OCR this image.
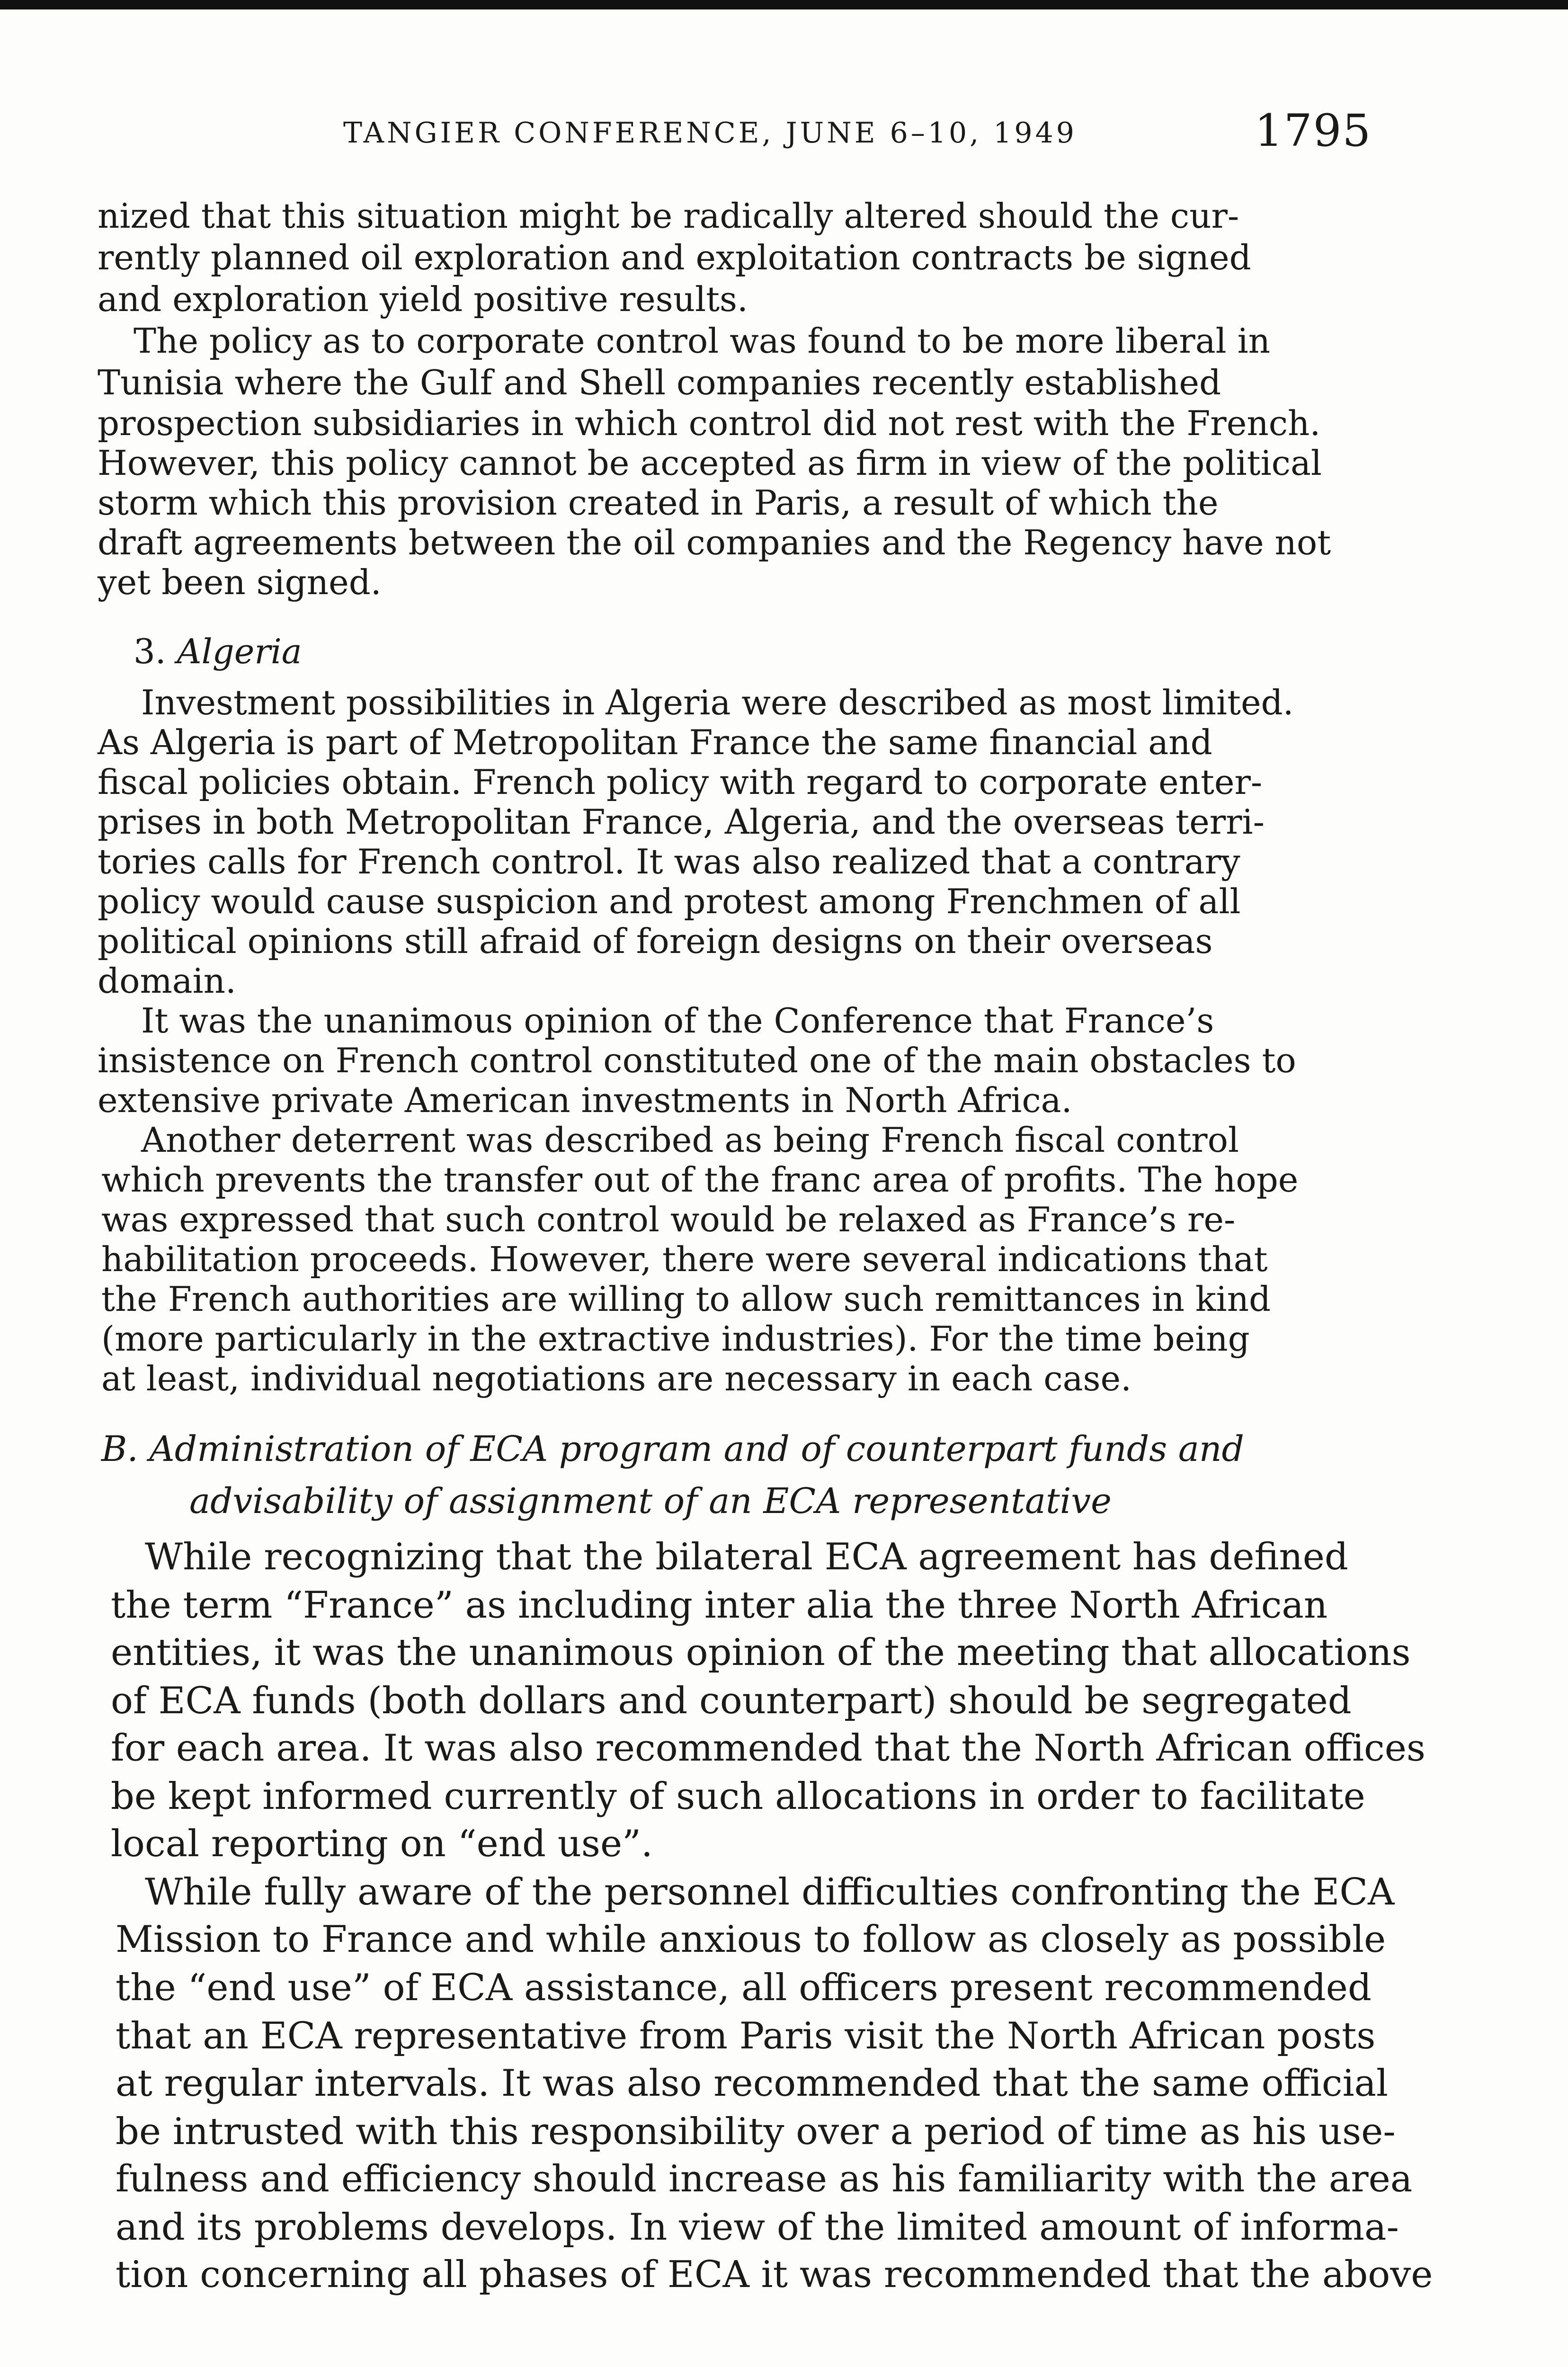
TANGIER CONFERENCE, JUNE 6–10, 1949	1795
nized that this situation might be radically altered should the cur-
rently planned oil exploration and exploitation contracts be signed
and exploration yield positive results.
The policy as to corporate control was found to be more liberal in
Tunisia where the Gulf and Shell companies recently established
prospection subsidiaries in which control did not rest with the French.
However, this policy cannot be accepted as firm in view of the political
storm which this provision created in Paris, a result of which the
draft agreements between the oil companies and the Regency have not
yet been signed.
3. Algeria
Investment possibilities in Algeria were described as most limited.
As Algeria is part of Metropolitan France the same financial and
fiscal policies obtain. French policy with regard to corporate enter-
prises in both Metropolitan France, Algeria, and the overseas terri-
tories calls for French control. It was also realized that a contrary
policy would cause suspicion and protest among Frenchmen of all
political opinions still afraid of foreign designs on their overseas
domain.
It was the unanimous opinion of the Conference that France’s
insistence on French control constituted one of the main obstacles to
extensive private American investments in North Africa.
Another deterrent was described as being French fiscal control
which prevents the transfer out of the franc area of profits. The hope
was expressed that such control would be relaxed as France’s re-
habilitation proceeds. However, there were several indications that
the French authorities are willing to allow such remittances in kind
(more particularly in the extractive industries). For the time being
at least, individual negotiations are necessary in each case.
B. Administration of ECA program and of counterpart funds and
advisability of assignment of an ECA representative
While recognizing that the bilateral ECA agreement has defined
the term “France” as including inter alia the three North African
entities, it was the unanimous opinion of the meeting that allocations
of ECA funds (both dollars and counterpart) should be segregated
for each area. It was also recommended that the North African offices
be kept informed currently of such allocations in order to facilitate
local reporting on “end use”.
While fully aware of the personnel difficulties confronting the ECA
Mission to France and while anxious to follow as closely as possible
the “end use” of ECA assistance, all officers present recommended
that an ECA representative from Paris visit the North African posts
at regular intervals. It was also recommended that the same official
be intrusted with this responsibility over a period of time as his use-
fulness and efficiency should increase as his familiarity with the area
and its problems develops. In view of the limited amount of informa-
tion concerning all phases of ECA it was recommended that the above
